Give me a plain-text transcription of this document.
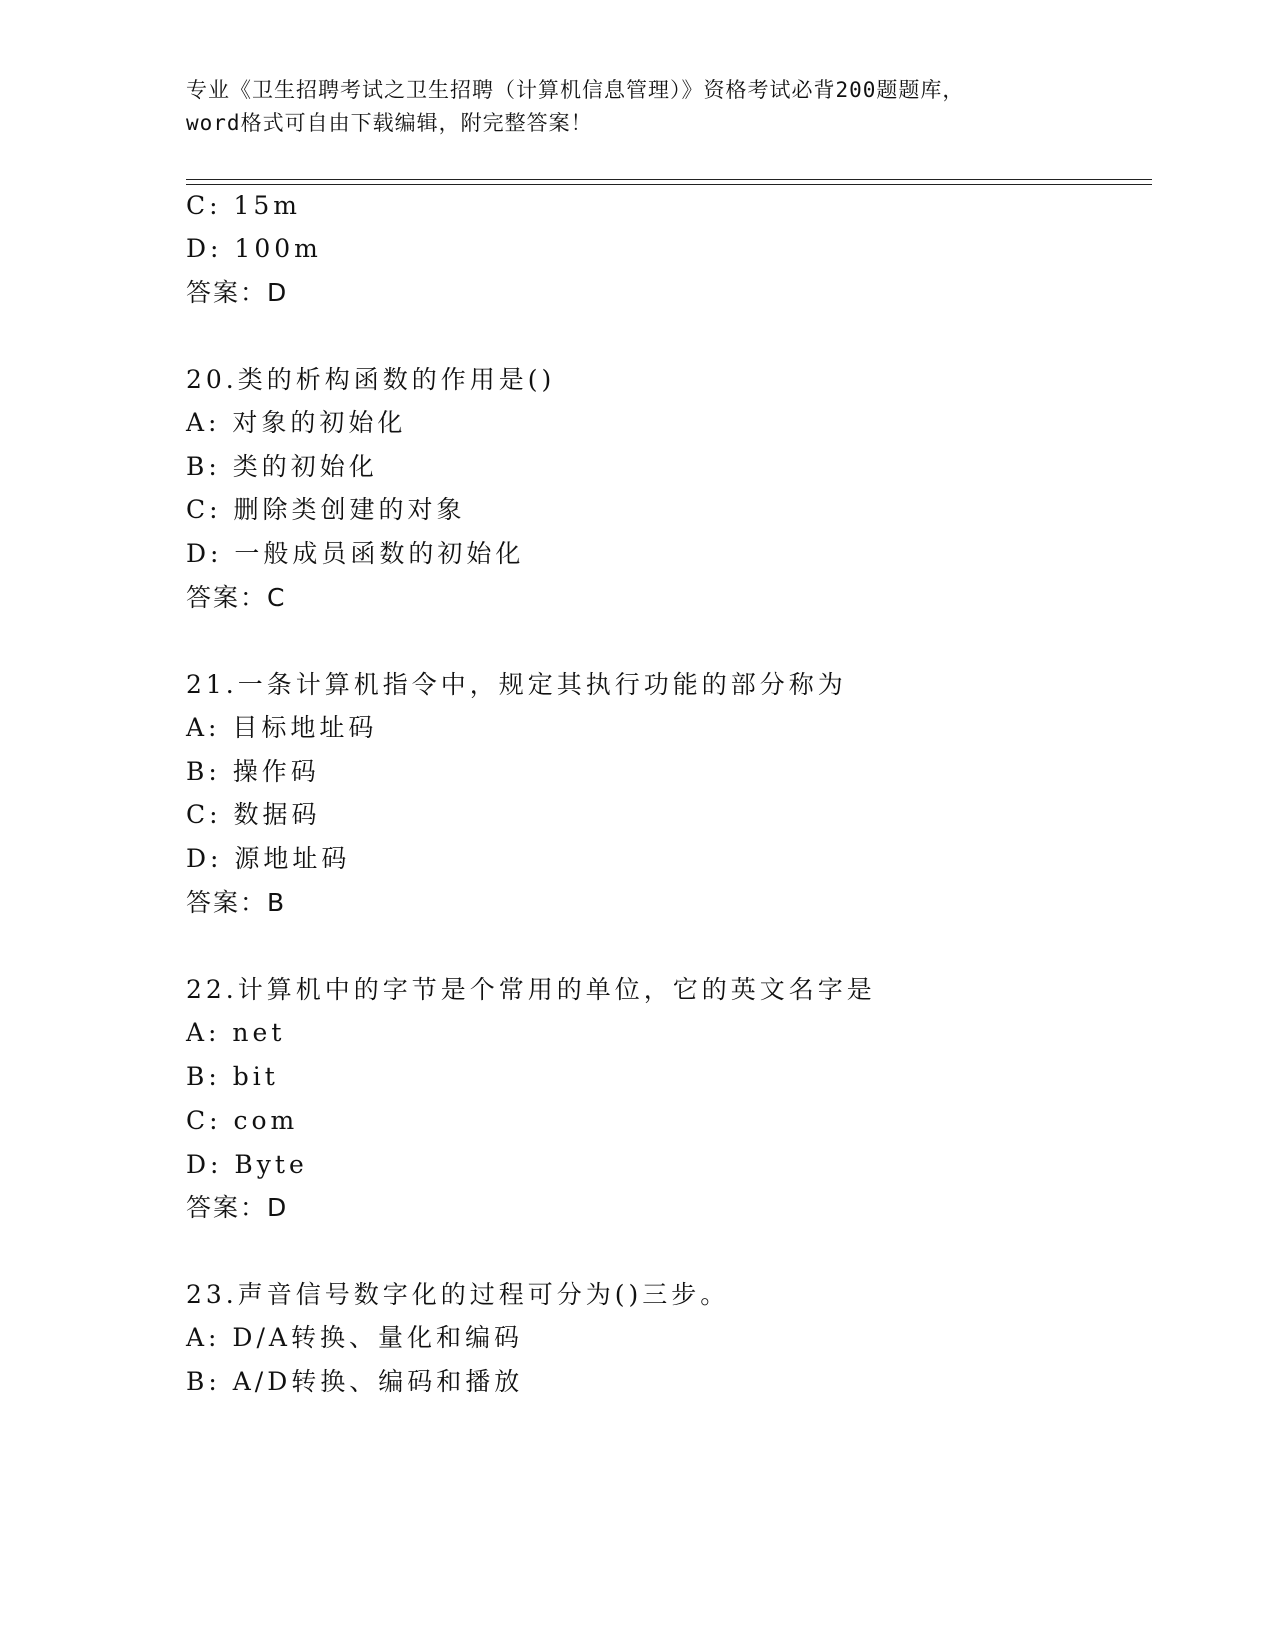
专业《卫生招聘考试之卫生招聘（计算机信息管理）》资格考试必背200题题库，
word格式可自由下载编辑，附完整答案！
C: 15m
D: 100m
答案：D
20.类的析构函数的作用是()
A: 对象的初始化
B: 类的初始化
C: 删除类创建的对象
D: 一般成员函数的初始化
答案：C
21.一条计算机指令中，规定其执行功能的部分称为
A: 目标地址码
B: 操作码
C: 数据码
D: 源地址码
答案：B
22.计算机中的字节是个常用的单位，它的英文名字是
A: net
B: bit
C: com
D: Byte
答案：D
23.声音信号数字化的过程可分为()三步。
A: D/A转换、量化和编码
B: A/D转换、编码和播放
